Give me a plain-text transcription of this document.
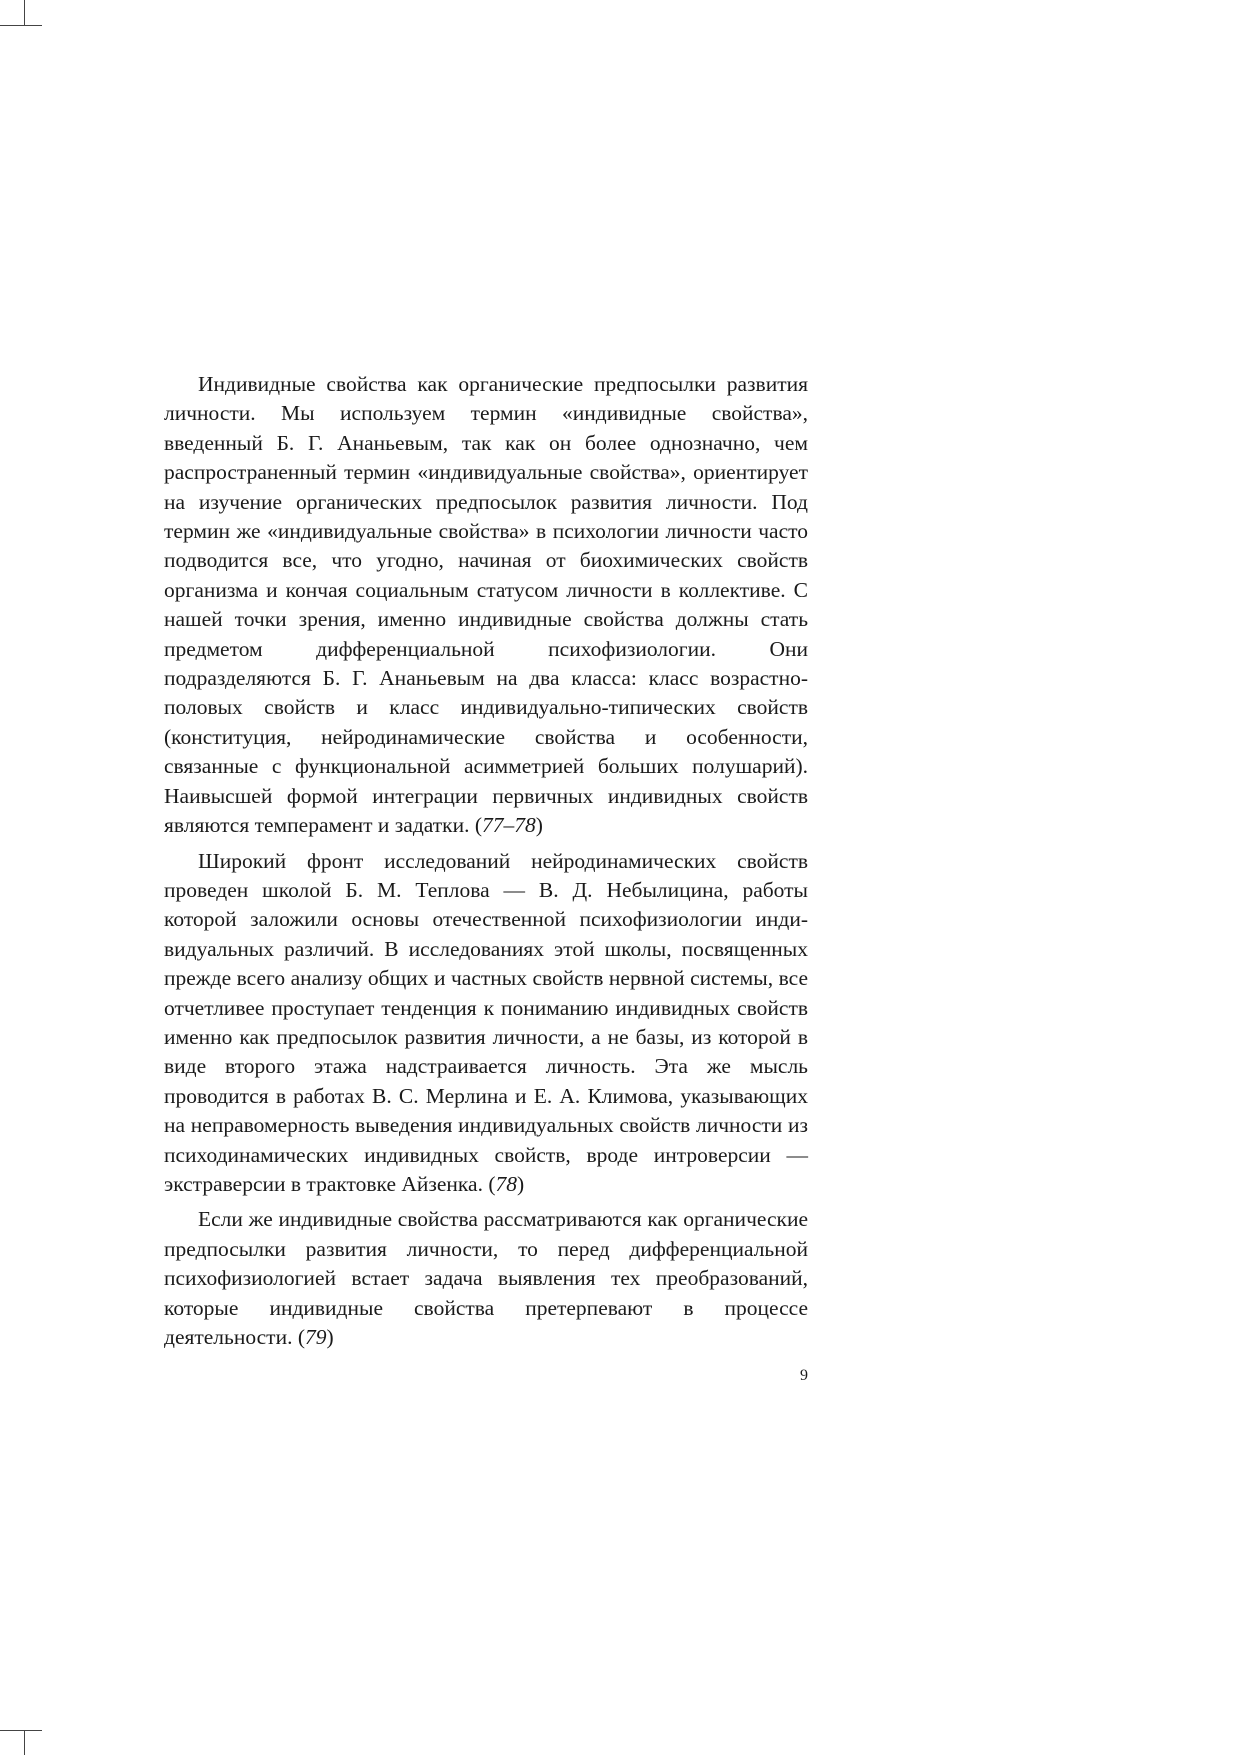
Индивидные свойства как органические предпосылки развития личности. Мы используем термин «индивидные свойства», введенный Б. Г. Ананьевым, так как он более однозначно, чем распространенный термин «индивидуальные свойства», ориентирует на изучение органических предпосылок развития личности. Под термин же «индивидуальные свойства» в психологии личности часто подводится все, что угодно, начиная от биохимических свойств организма и кончая социальным статусом личности в коллективе. С нашей точки зрения, именно индивидные свойства должны стать предметом дифференциальной психофизиологии. Они подразделяются Б. Г. Ананьевым на два класса: класс возрастно-половых свойств и класс индивидуально-типических свойств (конституция, нейродинамические свойства и особенности, связанные с функциональной асимметрией больших полушарий). Наивысшей формой интеграции первичных индивидных свойств являются темперамент и задатки. (77–78)

Широкий фронт исследований нейродинамических свойств проведен школой Б. М. Теплова — В. Д. Небылицина, работы которой заложили основы отечественной психофизиологии индивидуальных различий. В исследованиях этой школы, посвященных прежде всего анализу общих и частных свойств нервной системы, все отчетливее проступает тенденция к пониманию индивидных свойств именно как предпосылок развития личности, а не базы, из которой в виде второго этажа надстраивается личность. Эта же мысль проводится в работах В. С. Мерлина и Е. А. Климова, указывающих на неправомерность выведения индивидуальных свойств личности из психодинамических индивидных свойств, вроде интроверсии — экстраверсии в трактовке Айзенка. (78)

Если же индивидные свойства рассматриваются как органические предпосылки развития личности, то перед дифференциальной психофизиологией встает задача выявления тех преобразований, которые индивидные свойства претерпевают в процессе деятельности. (79)

9
